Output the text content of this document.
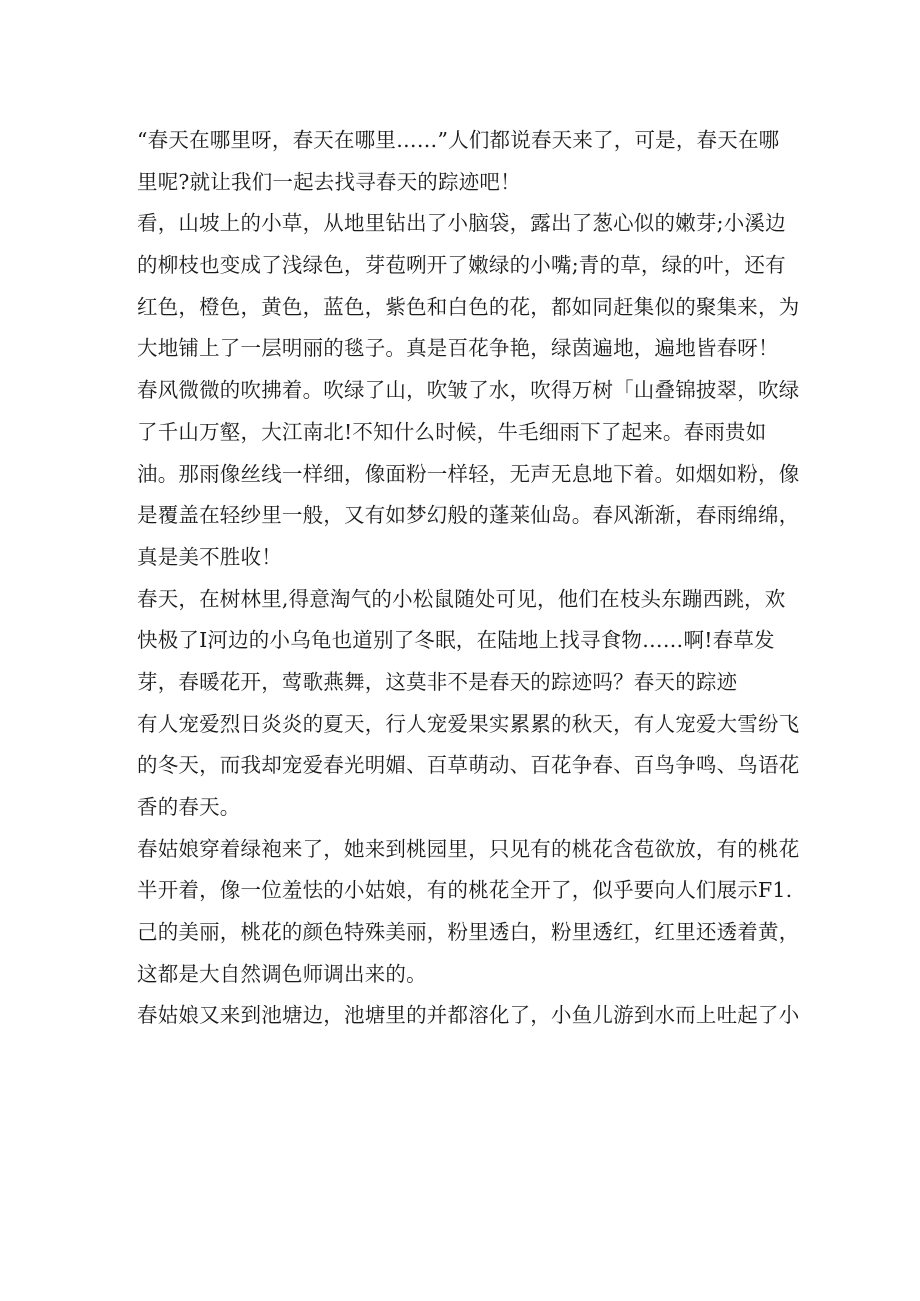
“春天在哪里呀，春天在哪里……”人们都说春天来了，可是，春天在哪
里呢?就让我们一起去找寻春天的踪迹吧！
看，山坡上的小草，从地里钻出了小脑袋，露出了葱心似的嫩芽;小溪边
的柳枝也变成了浅绿色，芽苞咧开了嫩绿的小嘴;青的草，绿的叶，还有
红色，橙色，黄色，蓝色，紫色和白色的花，都如同赶集似的聚集来，为
大地铺上了一层明丽的毯子。真是百花争艳，绿茵遍地，遍地皆春呀！
春风微微的吹拂着。吹绿了山，吹皱了水，吹得万树「山叠锦披翠，吹绿
了千山万壑，大江南北!不知什么时候，牛毛细雨下了起来。春雨贵如
油。那雨像丝线一样细，像面粉一样轻，无声无息地下着。如烟如粉，像
是覆盖在轻纱里一般，又有如梦幻般的蓬莱仙岛。春风渐渐，春雨绵绵，
真是美不胜收！
春天，在树林里,得意淘气的小松鼠随处可见，他们在枝头东蹦西跳，欢
快极了I河边的小乌龟也道别了冬眠，在陆地上找寻食物……啊!春草发
芽，春暖花开，莺歌燕舞，这莫非不是春天的踪迹吗？春天的踪迹
有人宠爱烈日炎炎的夏天，行人宠爱果实累累的秋天，有人宠爱大雪纷飞
的冬天，而我却宠爱春光明媚、百草萌动、百花争春、百鸟争鸣、鸟语花
香的春天。
春姑娘穿着绿袍来了，她来到桃园里，只见有的桃花含苞欲放，有的桃花
半开着，像一位羞怯的小姑娘，有的桃花全开了，似乎要向人们展示F1.
己的美丽，桃花的颜色特殊美丽，粉里透白，粉里透红，红里还透着黄，
这都是大自然调色师调出来的。
春姑娘又来到池塘边，池塘里的并都溶化了，小鱼儿游到水而上吐起了小
